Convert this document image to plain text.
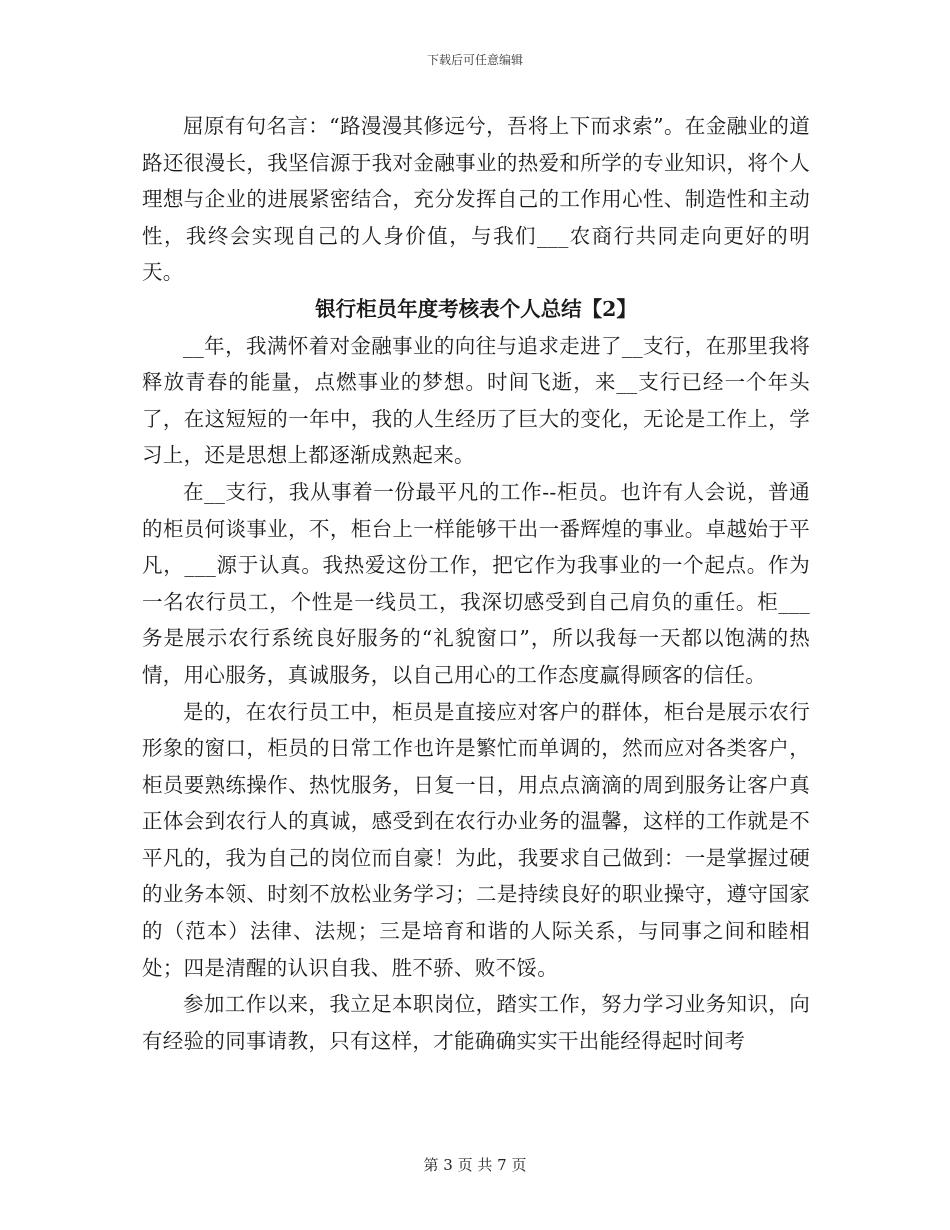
下载后可任意编辑

屈原有句名言：“路漫漫其修远兮，吾将上下而求索”。在金融业的道路还很漫长，我坚信源于我对金融事业的热爱和所学的专业知识，将个人理想与企业的进展紧密结合，充分发挥自己的工作用心性、制造性和主动性，我终会实现自己的人身价值，与我们___农商行共同走向更好的明天。

银行柜员年度考核表个人总结【2】

__年，我满怀着对金融事业的向往与追求走进了__支行，在那里我将释放青春的能量，点燃事业的梦想。时间飞逝，来__支行已经一个年头了，在这短短的一年中，我的人生经历了巨大的变化，无论是工作上，学习上，还是思想上都逐渐成熟起来。

在__支行，我从事着一份最平凡的工作--柜员。也许有人会说，普通的柜员何谈事业，不，柜台上一样能够干出一番辉煌的事业。卓越始于平凡，___源于认真。我热爱这份工作，把它作为我事业的一个起点。作为一名农行员工，个性是一线员工，我深切感受到自己肩负的重任。柜___务是展示农行系统良好服务的“礼貌窗口”，所以我每一天都以饱满的热情，用心服务，真诚服务，以自己用心的工作态度赢得顾客的信任。

是的，在农行员工中，柜员是直接应对客户的群体，柜台是展示农行形象的窗口，柜员的日常工作也许是繁忙而单调的，然而应对各类客户，柜员要熟练操作、热忱服务，日复一日，用点点滴滴的周到服务让客户真正体会到农行人的真诚，感受到在农行办业务的温馨，这样的工作就是不平凡的，我为自己的岗位而自豪！为此，我要求自己做到：一是掌握过硬的业务本领、时刻不放松业务学习；二是持续良好的职业操守，遵守国家的（范本）法律、法规；三是培育和谐的人际关系，与同事之间和睦相处；四是清醒的认识自我、胜不骄、败不馁。

参加工作以来，我立足本职岗位，踏实工作，努力学习业务知识，向有经验的同事请教，只有这样，才能确确实实干出能经得起时间考

第 3 页 共 7 页
